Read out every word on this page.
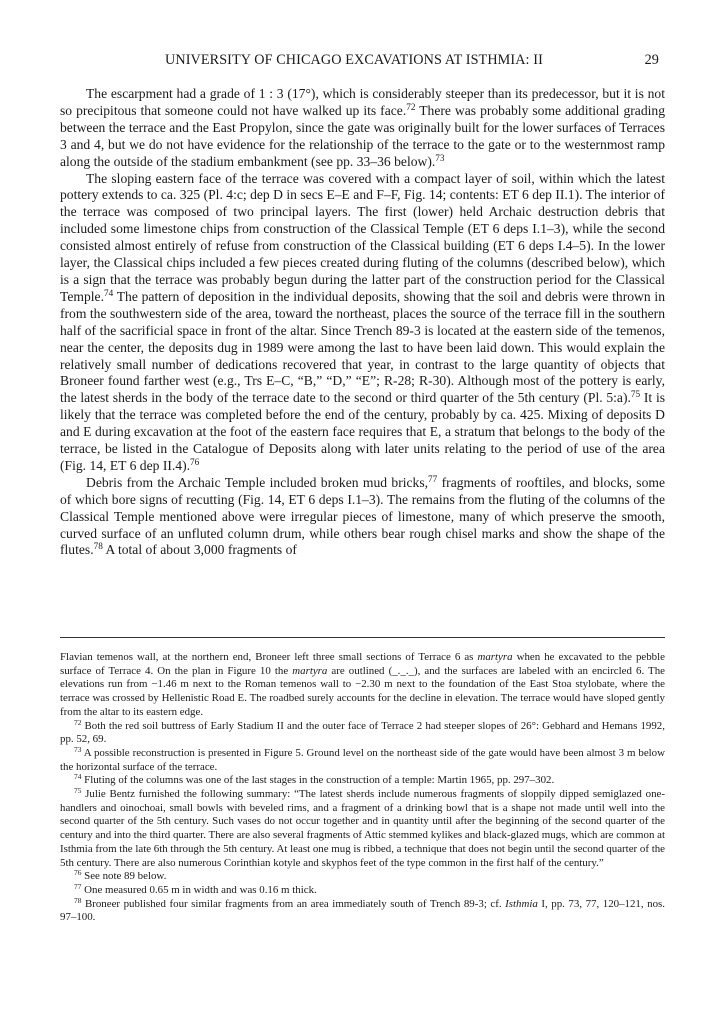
UNIVERSITY OF CHICAGO EXCAVATIONS AT ISTHMIA: II	29

The escarpment had a grade of 1 : 3 (17°), which is considerably steeper than its predecessor, but it is not so precipitous that someone could not have walked up its face.$^{72}$ There was probably some additional grading between the terrace and the East Propylon, since the gate was originally built for the lower surfaces of Terraces 3 and 4, but we do not have evidence for the relationship of the terrace to the gate or to the westernmost ramp along the outside of the stadium embankment (see pp. 33–36 below).$^{73}$

The sloping eastern face of the terrace was covered with a compact layer of soil, within which the latest pottery extends to ca. 325 (Pl. 4:c; dep D in secs E–E and F–F, Fig. 14; contents: ET 6 dep II.1). The interior of the terrace was composed of two principal layers. The first (lower) held Archaic destruction debris that included some limestone chips from construction of the Classical Temple (ET 6 deps I.1–3), while the second consisted almost entirely of refuse from construction of the Classical building (ET 6 deps I.4–5). In the lower layer, the Classical chips included a few pieces created during fluting of the columns (described below), which is a sign that the terrace was probably begun during the latter part of the construction period for the Classical Temple.$^{74}$ The pattern of deposition in the individual deposits, showing that the soil and debris were thrown in from the southwestern side of the area, toward the northeast, places the source of the terrace fill in the southern half of the sacrificial space in front of the altar. Since Trench 89-3 is located at the eastern side of the temenos, near the center, the deposits dug in 1989 were among the last to have been laid down. This would explain the relatively small number of dedications recovered that year, in contrast to the large quantity of objects that Broneer found farther west (e.g., Trs E–C, “B,” “D,” “E”; R-28; R-30). Although most of the pottery is early, the latest sherds in the body of the terrace date to the second or third quarter of the 5th century (Pl. 5:a).$^{75}$ It is likely that the terrace was completed before the end of the century, probably by ca. 425. Mixing of deposits D and E during excavation at the foot of the eastern face requires that E, a stratum that belongs to the body of the terrace, be listed in the Catalogue of Deposits along with later units relating to the period of use of the area (Fig. 14, ET 6 dep II.4).$^{76}$

Debris from the Archaic Temple included broken mud bricks,$^{77}$ fragments of rooftiles, and blocks, some of which bore signs of recutting (Fig. 14, ET 6 deps I.1–3). The remains from the fluting of the columns of the Classical Temple mentioned above were irregular pieces of limestone, many of which preserve the smooth, curved surface of an unfluted column drum, while others bear rough chisel marks and show the shape of the flutes.$^{78}$ A total of about 3,000 fragments of

Flavian temenos wall, at the northern end, Broneer left three small sections of Terrace 6 as martyra when he excavated to the pebble surface of Terrace 4. On the plan in Figure 10 the martyra are outlined (_._._), and the surfaces are labeled with an encircled 6. The elevations run from −1.46 m next to the Roman temenos wall to −2.30 m next to the foundation of the East Stoa stylobate, where the terrace was crossed by Hellenistic Road E. The roadbed surely accounts for the decline in elevation. The terrace would have sloped gently from the altar to its eastern edge.

$^{72}$ Both the red soil buttress of Early Stadium II and the outer face of Terrace 2 had steeper slopes of 26°: Gebhard and Hemans 1992, pp. 52, 69.

$^{73}$ A possible reconstruction is presented in Figure 5. Ground level on the northeast side of the gate would have been almost 3 m below the horizontal surface of the terrace.

$^{74}$ Fluting of the columns was one of the last stages in the construction of a temple: Martin 1965, pp. 297–302.

$^{75}$ Julie Bentz furnished the following summary: “The latest sherds include numerous fragments of sloppily dipped semiglazed one-handlers and oinochoai, small bowls with beveled rims, and a fragment of a drinking bowl that is a shape not made until well into the second quarter of the 5th century. Such vases do not occur together and in quantity until after the beginning of the second quarter of the century and into the third quarter. There are also several fragments of Attic stemmed kylikes and black-glazed mugs, which are common at Isthmia from the late 6th through the 5th century. At least one mug is ribbed, a technique that does not begin until the second quarter of the 5th century. There are also numerous Corinthian kotyle and skyphos feet of the type common in the first half of the century.”

$^{76}$ See note 89 below.

$^{77}$ One measured 0.65 m in width and was 0.16 m thick.

$^{78}$ Broneer published four similar fragments from an area immediately south of Trench 89-3; cf. Isthmia I, pp. 73, 77, 120–121, nos. 97–100.
